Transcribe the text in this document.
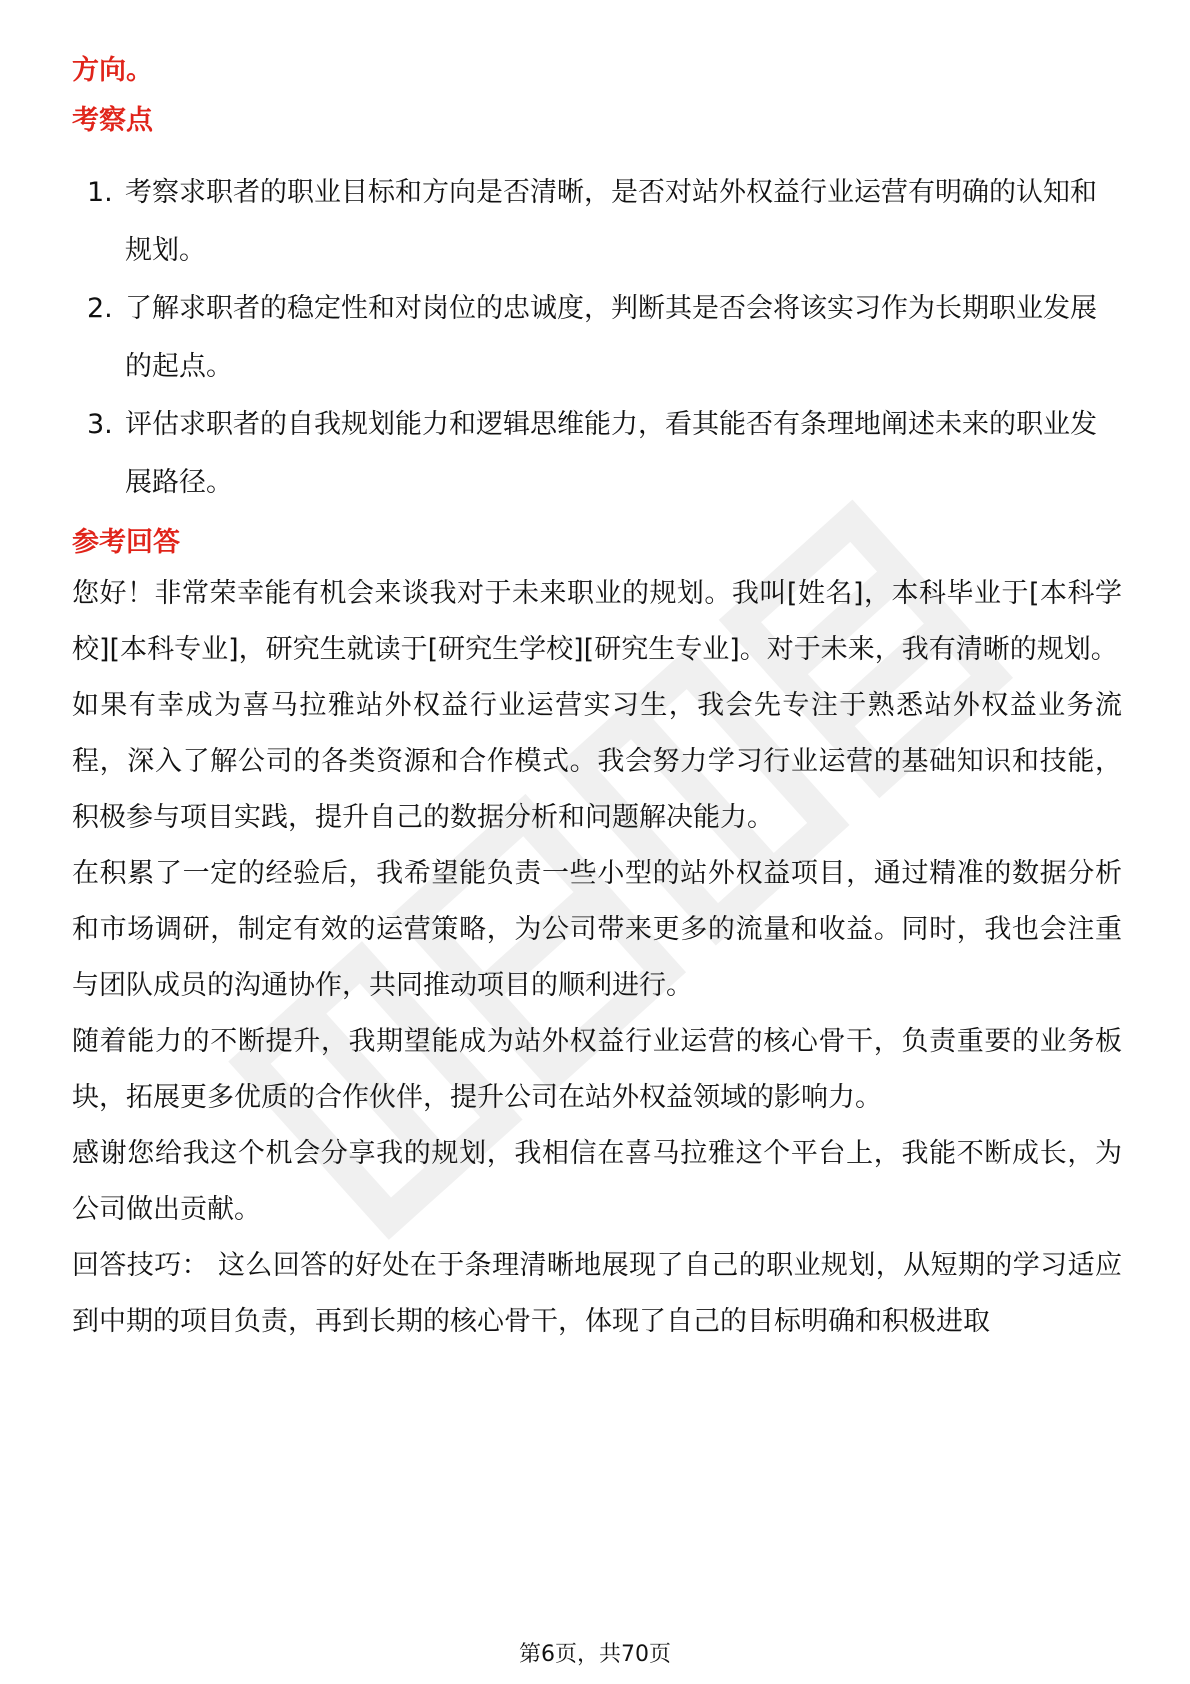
方向。

考察点

1. 考察求职者的职业目标和方向是否清晰，是否对站外权益行业运营有明确的认知和规划。
2. 了解求职者的稳定性和对岗位的忠诚度，判断其是否会将该实习作为长期职业发展的起点。
3. 评估求职者的自我规划能力和逻辑思维能力，看其能否有条理地阐述未来的职业发展路径。

参考回答

您好！非常荣幸能有机会来谈我对于未来职业的规划。我叫[姓名]，本科毕业于[本科学校][本科专业]，研究生就读于[研究生学校][研究生专业]。对于未来，我有清晰的规划。

如果有幸成为喜马拉雅站外权益行业运营实习生，我会先专注于熟悉站外权益业务流程，深入了解公司的各类资源和合作模式。我会努力学习行业运营的基础知识和技能，积极参与项目实践，提升自己的数据分析和问题解决能力。

在积累了一定的经验后，我希望能负责一些小型的站外权益项目，通过精准的数据分析和市场调研，制定有效的运营策略，为公司带来更多的流量和收益。同时，我也会注重与团队成员的沟通协作，共同推动项目的顺利进行。

随着能力的不断提升，我期望能成为站外权益行业运营的核心骨干，负责重要的业务板块，拓展更多优质的合作伙伴，提升公司在站外权益领域的影响力。

感谢您给我这个机会分享我的规划，我相信在喜马拉雅这个平台上，我能不断成长，为公司做出贡献。

回答技巧： 这么回答的好处在于条理清晰地展现了自己的职业规划，从短期的学习适应到中期的项目负责，再到长期的核心骨干，体现了自己的目标明确和积极进取

第6页，共70页
